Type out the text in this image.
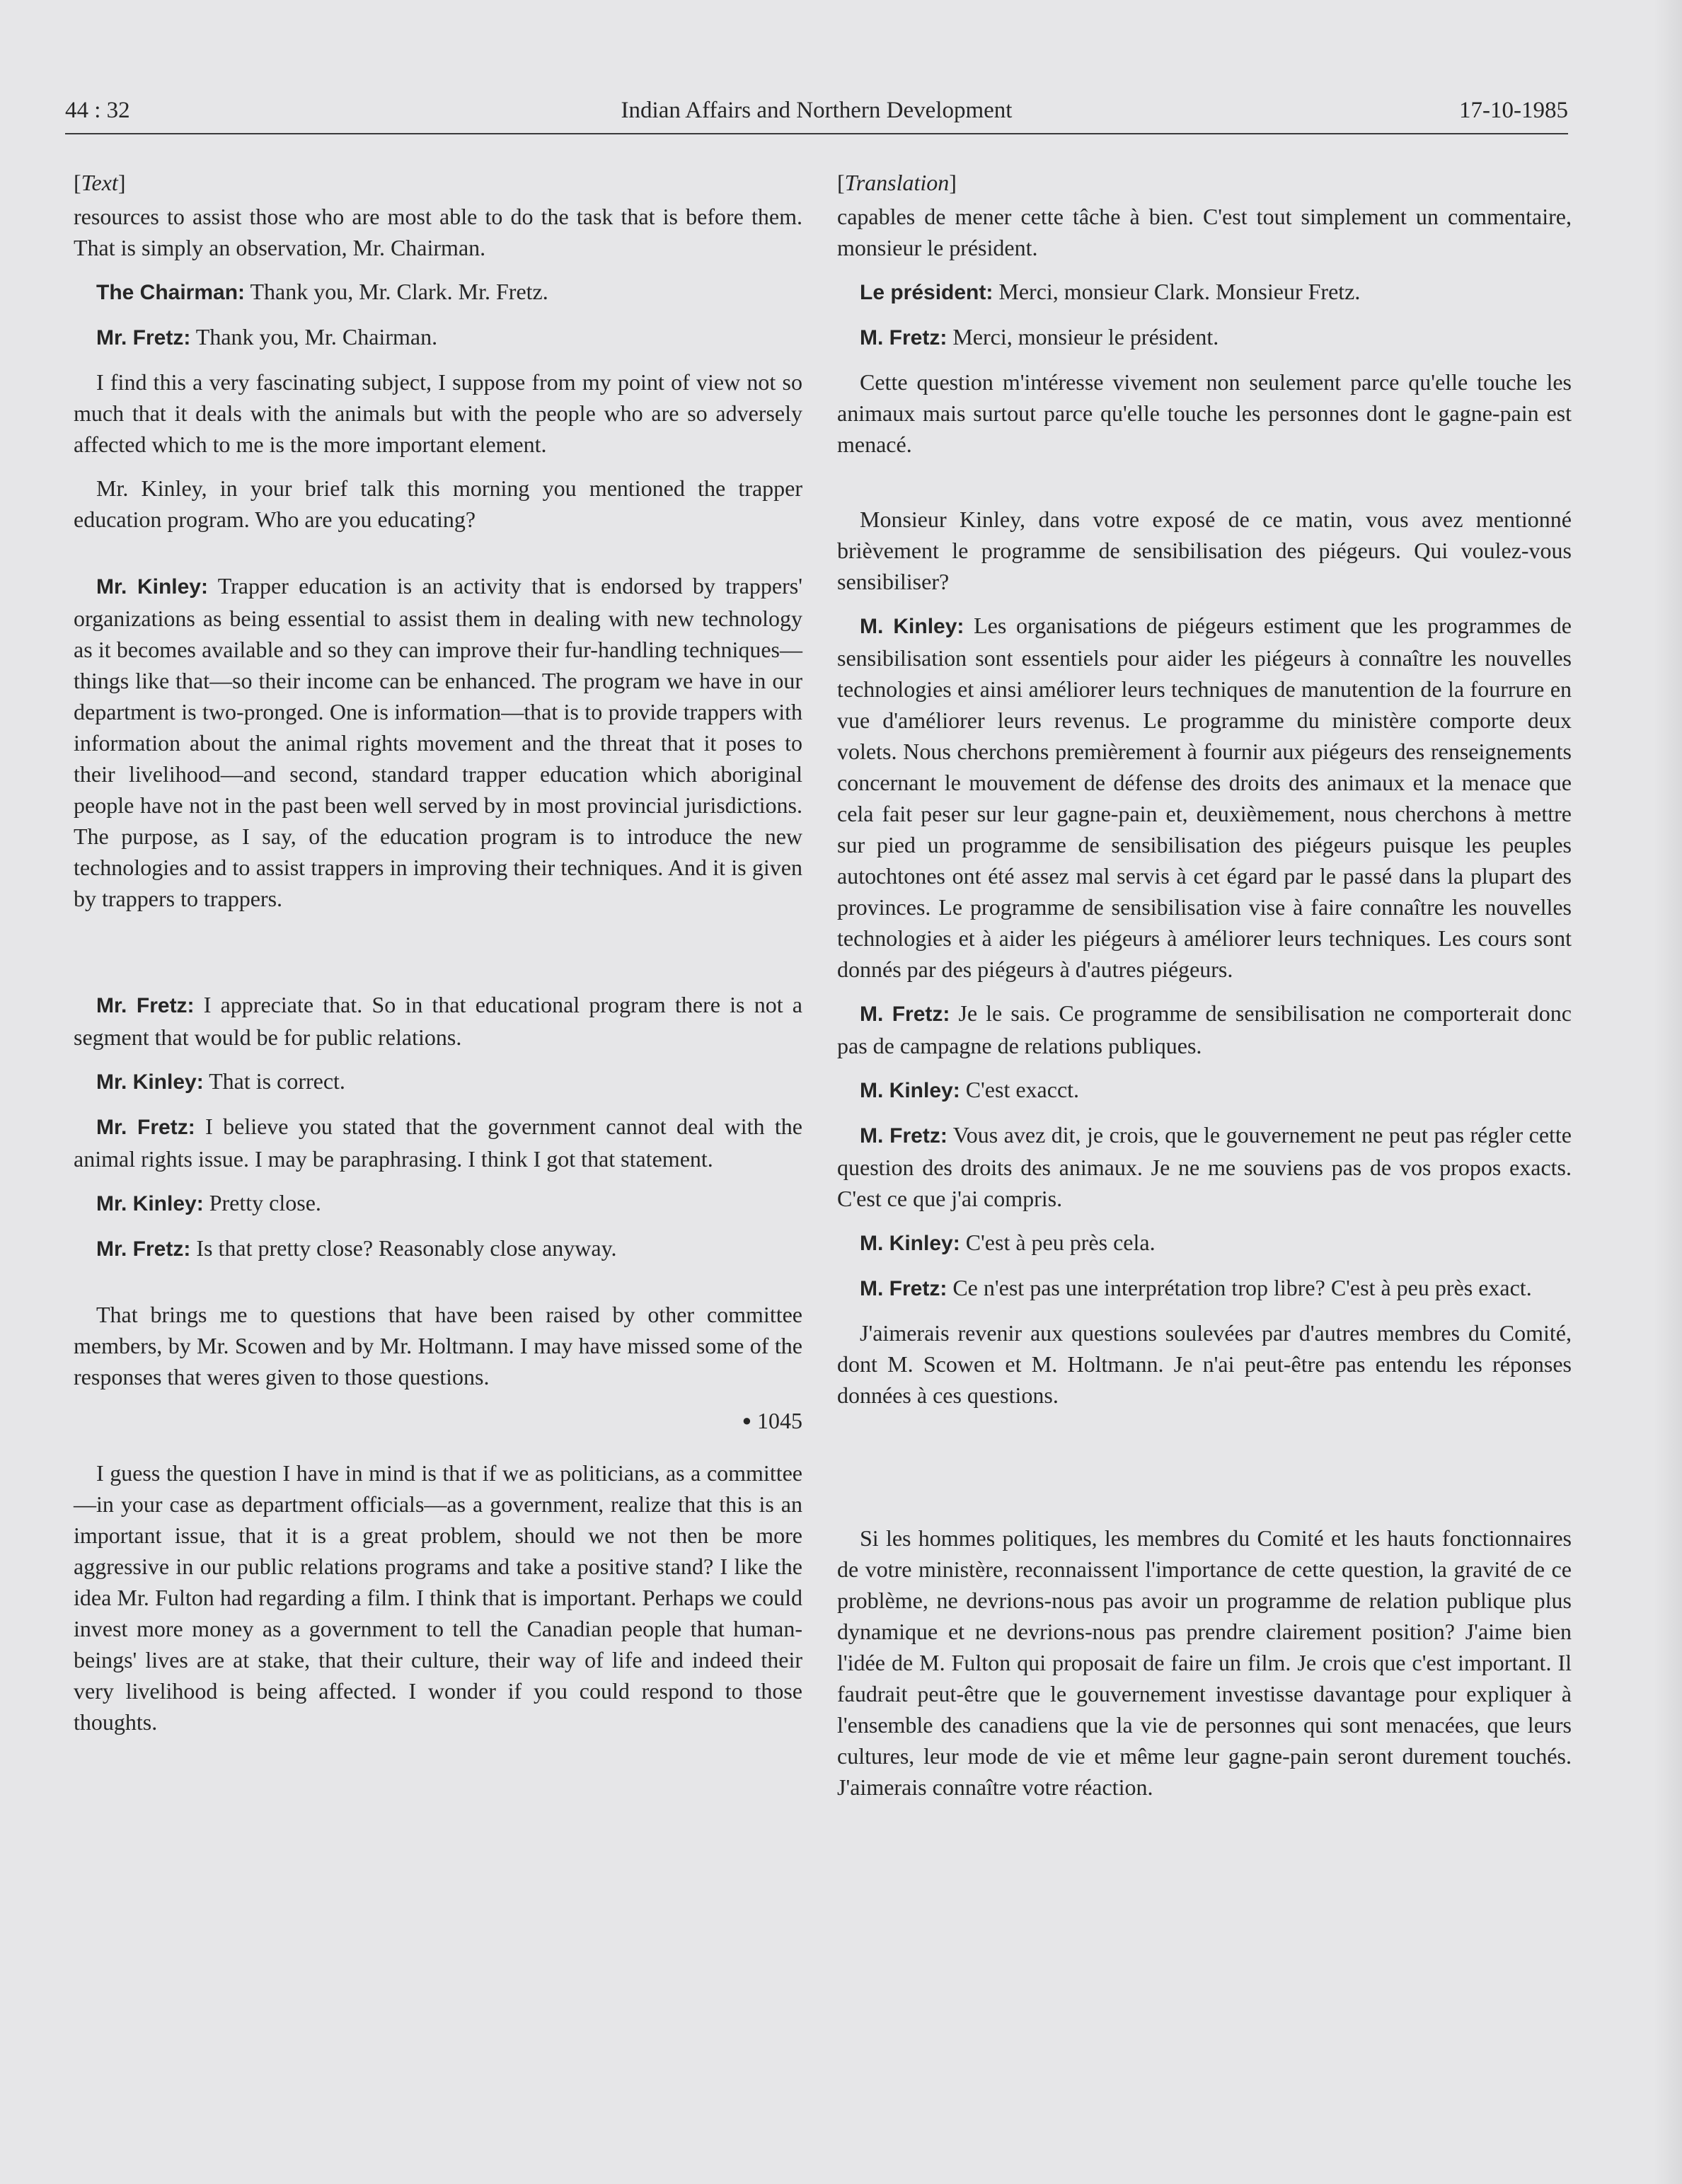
44 : 32	Indian Affairs and Northern Development	17-10-1985

[Text]

resources to assist those who are most able to do the task that is before them. That is simply an observation, Mr. Chairman.

The Chairman: Thank you, Mr. Clark. Mr. Fretz.

Mr. Fretz: Thank you, Mr. Chairman.

I find this a very fascinating subject, I suppose from my point of view not so much that it deals with the animals but with the people who are so adversely affected which to me is the more important element.

Mr. Kinley, in your brief talk this morning you mentioned the trapper education program. Who are you educating?

Mr. Kinley: Trapper education is an activity that is endorsed by trappers' organizations as being essential to assist them in dealing with new technology as it becomes available and so they can improve their fur-handling techniques—things like that—so their income can be enhanced. The program we have in our department is two-pronged. One is information—that is to provide trappers with information about the animal rights movement and the threat that it poses to their livelihood—and second, standard trapper education which aboriginal people have not in the past been well served by in most provincial jurisdictions. The purpose, as I say, of the education program is to introduce the new technologies and to assist trappers in improving their techniques. And it is given by trappers to trappers.

Mr. Fretz: I appreciate that. So in that educational program there is not a segment that would be for public relations.

Mr. Kinley: That is correct.

Mr. Fretz: I believe you stated that the government cannot deal with the animal rights issue. I may be paraphrasing. I think I got that statement.

Mr. Kinley: Pretty close.

Mr. Fretz: Is that pretty close? Reasonably close anyway.

That brings me to questions that have been raised by other committee members, by Mr. Scowen and by Mr. Holtmann. I may have missed some of the responses that weres given to those questions.

● 1045

I guess the question I have in mind is that if we as politicians, as a committee—in your case as department officials—as a government, realize that this is an important issue, that it is a great problem, should we not then be more aggressive in our public relations programs and take a positive stand? I like the idea Mr. Fulton had regarding a film. I think that is important. Perhaps we could invest more money as a government to tell the Canadian people that human-beings' lives are at stake, that their culture, their way of life and indeed their very livelihood is being affected. I wonder if you could respond to those thoughts.

[Translation]

capables de mener cette tâche à bien. C'est tout simplement un commentaire, monsieur le président.

Le président: Merci, monsieur Clark. Monsieur Fretz.

M. Fretz: Merci, monsieur le président.

Cette question m'intéresse vivement non seulement parce qu'elle touche les animaux mais surtout parce qu'elle touche les personnes dont le gagne-pain est menacé.

Monsieur Kinley, dans votre exposé de ce matin, vous avez mentionné brièvement le programme de sensibilisation des piégeurs. Qui voulez-vous sensibiliser?

M. Kinley: Les organisations de piégeurs estiment que les programmes de sensibilisation sont essentiels pour aider les piégeurs à connaître les nouvelles technologies et ainsi améliorer leurs techniques de manutention de la fourrure en vue d'améliorer leurs revenus. Le programme du ministère comporte deux volets. Nous cherchons premièrement à fournir aux piégeurs des renseignements concernant le mouvement de défense des droits des animaux et la menace que cela fait peser sur leur gagne-pain et, deuxièmement, nous cherchons à mettre sur pied un programme de sensibilisation des piégeurs puisque les peuples autochtones ont été assez mal servis à cet égard par le passé dans la plupart des provinces. Le programme de sensibilisation vise à faire connaître les nouvelles technologies et à aider les piégeurs à améliorer leurs techniques. Les cours sont donnés par des piégeurs à d'autres piégeurs.

M. Fretz: Je le sais. Ce programme de sensibilisation ne comporterait donc pas de campagne de relations publiques.

M. Kinley: C'est exacct.

M. Fretz: Vous avez dit, je crois, que le gouvernement ne peut pas régler cette question des droits des animaux. Je ne me souviens pas de vos propos exacts. C'est ce que j'ai compris.

M. Kinley: C'est à peu près cela.

M. Fretz: Ce n'est pas une interprétation trop libre? C'est à peu près exact.

J'aimerais revenir aux questions soulevées par d'autres membres du Comité, dont M. Scowen et M. Holtmann. Je n'ai peut-être pas entendu les réponses données à ces questions.

Si les hommes politiques, les membres du Comité et les hauts fonctionnaires de votre ministère, reconnaissent l'importance de cette question, la gravité de ce problème, ne devrions-nous pas avoir un programme de relation publique plus dynamique et ne devrions-nous pas prendre clairement position? J'aime bien l'idée de M. Fulton qui proposait de faire un film. Je crois que c'est important. Il faudrait peut-être que le gouvernement investisse davantage pour expliquer à l'ensemble des canadiens que la vie de personnes qui sont menacées, que leurs cultures, leur mode de vie et même leur gagne-pain seront durement touchés. J'aimerais connaître votre réaction.
